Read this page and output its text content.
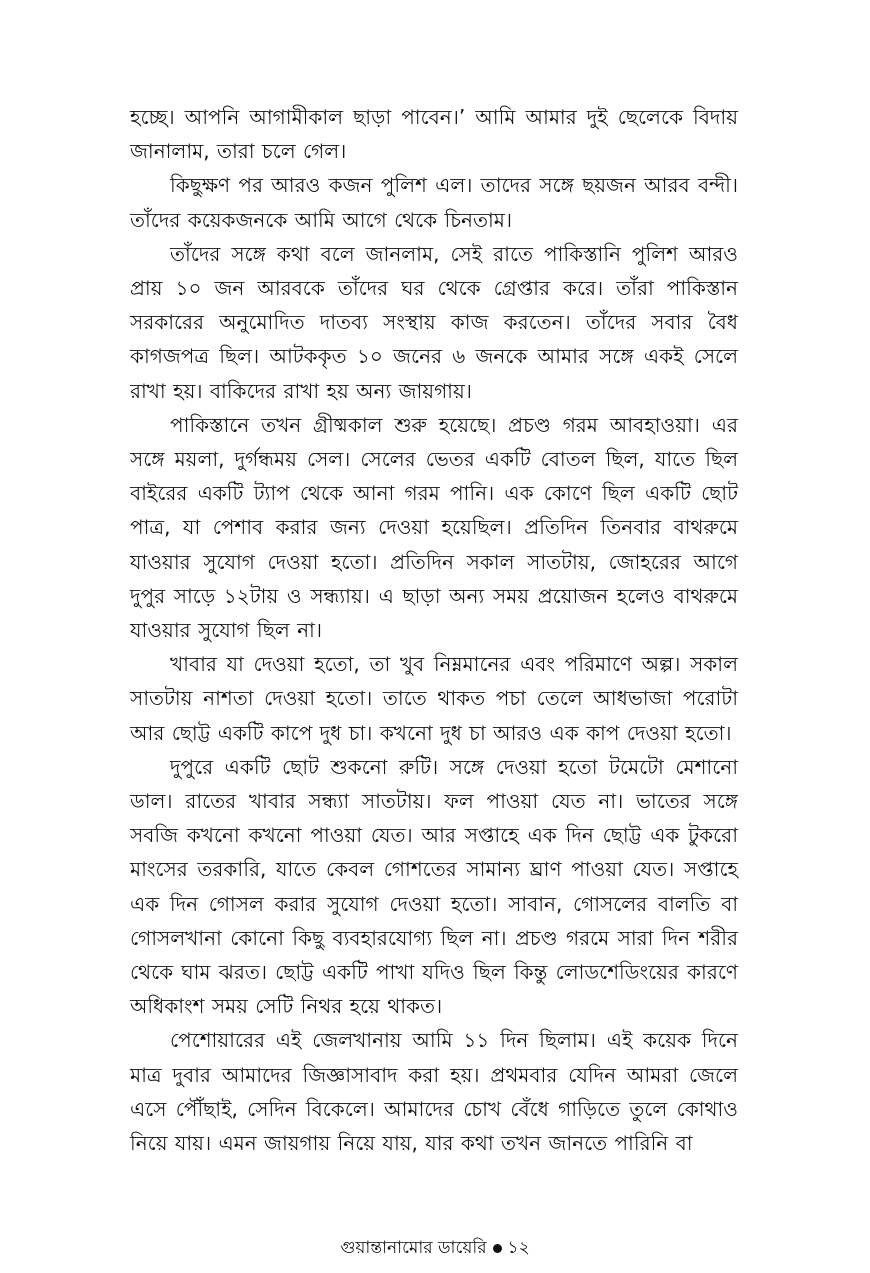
হচ্ছে। আপনি আগামীকাল ছাড়া পাবেন।’ আমি আমার দুই ছেলেকে বিদায় জানালাম, তারা চলে গেল।

কিছুক্ষণ পর আরও কজন পুলিশ এল। তাদের সঙ্গে ছয়জন আরব বন্দী। তাঁদের কয়েকজনকে আমি আগে থেকে চিনতাম।

তাঁদের সঙ্গে কথা বলে জানলাম, সেই রাতে পাকিস্তানি পুলিশ আরও প্রায় ১০ জন আরবকে তাঁদের ঘর থেকে গ্রেপ্তার করে। তাঁরা পাকিস্তান সরকারের অনুমোদিত দাতব্য সংস্থায় কাজ করতেন। তাঁদের সবার বৈধ কাগজপত্র ছিল। আটককৃত ১০ জনের ৬ জনকে আমার সঙ্গে একই সেলে রাখা হয়। বাকিদের রাখা হয় অন্য জায়গায়।

পাকিস্তানে তখন গ্রীষ্মকাল শুরু হয়েছে। প্রচণ্ড গরম আবহাওয়া। এর সঙ্গে ময়লা, দুর্গন্ধময় সেল। সেলের ভেতর একটি বোতল ছিল, যাতে ছিল বাইরের একটি ট্যাপ থেকে আনা গরম পানি। এক কোণে ছিল একটি ছোট পাত্র, যা পেশাব করার জন্য দেওয়া হয়েছিল। প্রতিদিন তিনবার বাথরুমে যাওয়ার সুযোগ দেওয়া হতো। প্রতিদিন সকাল সাতটায়, জোহরের আগে দুপুর সাড়ে ১২টায় ও সন্ধ্যায়। এ ছাড়া অন্য সময় প্রয়োজন হলেও বাথরুমে যাওয়ার সুযোগ ছিল না।

খাবার যা দেওয়া হতো, তা খুব নিম্নমানের এবং পরিমাণে অল্প। সকাল সাতটায় নাশতা দেওয়া হতো। তাতে থাকত পচা তেলে আধভাজা পরোটা আর ছোট্ট একটি কাপে দুধ চা। কখনো দুধ চা আরও এক কাপ দেওয়া হতো।

দুপুরে একটি ছোট শুকনো রুটি। সঙ্গে দেওয়া হতো টমেটো মেশানো ডাল। রাতের খাবার সন্ধ্যা সাতটায়। ফল পাওয়া যেত না। ভাতের সঙ্গে সবজি কখনো কখনো পাওয়া যেত। আর সপ্তাহে এক দিন ছোট্ট এক টুকরো মাংসের তরকারি, যাতে কেবল গোশতের সামান্য ঘ্রাণ পাওয়া যেত। সপ্তাহে এক দিন গোসল করার সুযোগ দেওয়া হতো। সাবান, গোসলের বালতি বা গোসলখানা কোনো কিছু ব্যবহারযোগ্য ছিল না। প্রচণ্ড গরমে সারা দিন শরীর থেকে ঘাম ঝরত। ছোট্ট একটি পাখা যদিও ছিল কিন্তু লোডশেডিংয়ের কারণে অধিকাংশ সময় সেটি নিথর হয়ে থাকত।

পেশোয়ারের এই জেলখানায় আমি ১১ দিন ছিলাম। এই কয়েক দিনে মাত্র দুবার আমাদের জিজ্ঞাসাবাদ করা হয়। প্রথমবার যেদিন আমরা জেলে এসে পৌঁছাই, সেদিন বিকেলে। আমাদের চোখ বেঁধে গাড়িতে তুলে কোথাও নিয়ে যায়। এমন জায়গায় নিয়ে যায়, যার কথা তখন জানতে পারিনি বা

গুয়ান্তানামোর ডায়েরি ১২
